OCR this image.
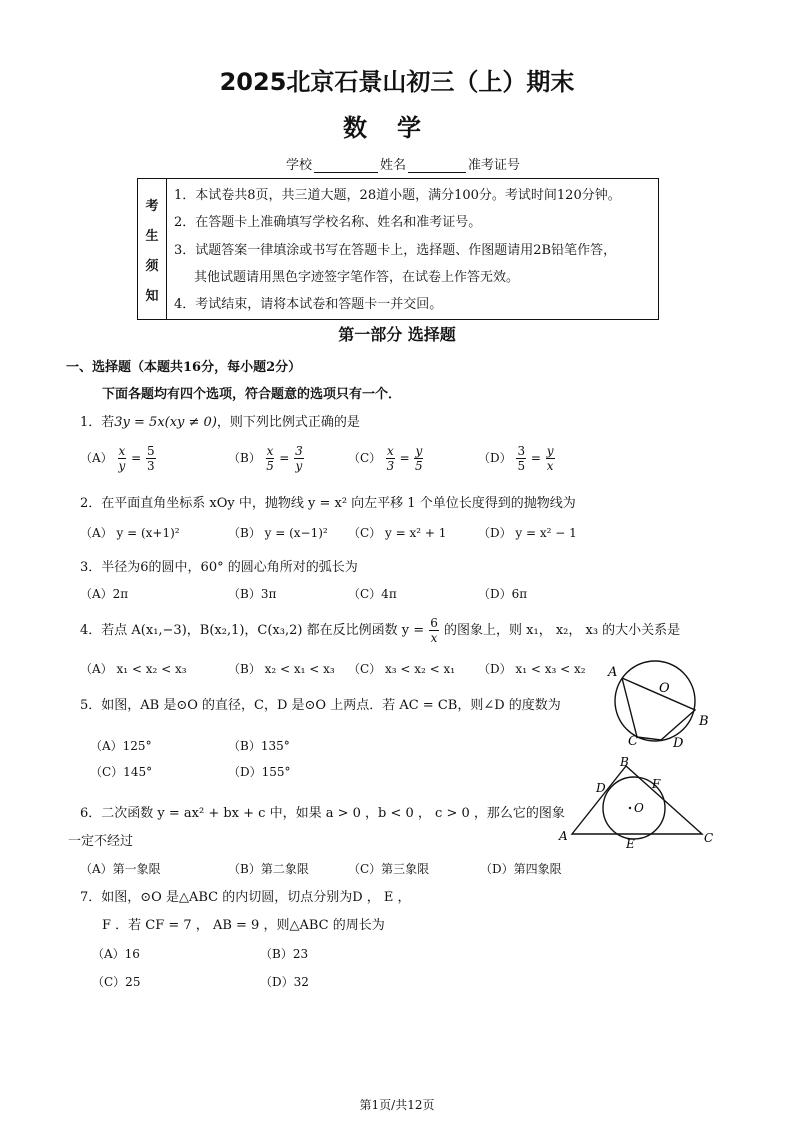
2025北京石景山初三（上）期末
数学
学校	姓名	准考证号
考
生
须
知
1．本试卷共8页，共三道大题，28道小题，满分100分。考试时间120分钟。
2．在答题卡上准确填写学校名称、姓名和准考证号。
3．试题答案一律填涂或书写在答题卡上，选择题、作图题请用2B铅笔作答，
其他试题请用黑色字迹签字笔作答，在试卷上作答无效。
4．考试结束，请将本试卷和答题卡一并交回。
第一部分 选择题
一、选择题（本题共16分，每小题2分）
下面各题均有四个选项，符合题意的选项只有一个．
1．若3y = 5x(xy ≠ 0)，则下列比例式正确的是
$(A) \frac{x}{y} = \frac{5}{3}$	$(B) \frac{x}{5} = \frac{3}{y}$	$(C) \frac{x}{3} = \frac{y}{5}$	$(D) \frac{3}{5} = \frac{y}{x}$
2．在平面直角坐标系 xOy 中，抛物线 y = x² 向左平移 1 个单位长度得到的抛物线为
（A） y = (x+1)²	（B） y = (x−1)² （C） y = x² + 1	（D） y = x² − 1
3．半径为6的圆中，60° 的圆心角所对的弧长为
（A）2π	（B）3π	（C）4π	（D）6π
4．若点 A(x₁,−3)，B(x₂,1)，C(x₃,2) 都在反比例函数 $y = \frac{6}{x}$ 的图象上，则 x₁， x₂， x₃ 的大小关系是
（A） x₁ < x₂ < x₃	（B） x₂ < x₁ < x₃ （C） x₃ < x₂ < x₁ （D） x₁ < x₃ < x₂
5．如图，AB 是⊙O 的直径，C，D 是⊙O 上两点．若 AC = CB，则∠D 的度数为
（A）125°	（B）135°
（C）145°	（D）155°
A
O
B
C	D
6．二次函数 y = ax² + bx + c 中，如果 a > 0 ，b < 0 ， c > 0 ，那么它的图象
一定不经过
（A）第一象限	（B）第二象限	（C）第三象限	（D）第四象限
B
D	F
O
A
E	C
7．如图，⊙O 是△ABC 的内切圆，切点分别为D ， E ，
F ．若 CF = 7 ， AB = 9 ，则△ABC 的周长为
（A）16	（B）23
（C）25	（D）32
第1页/共12页
